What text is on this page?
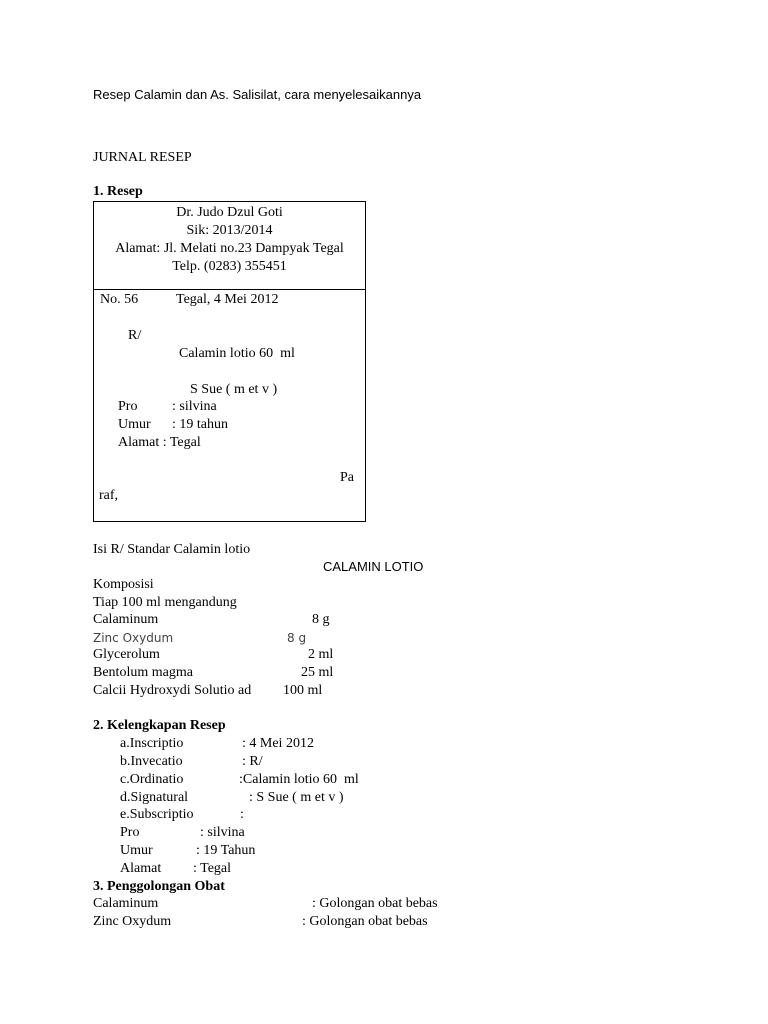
Resep Calamin dan As. Salisilat, cara menyelesaikannya
JURNAL RESEP
1. Resep
Dr. Judo Dzul Goti
Sik: 2013/2014
Alamat: Jl. Melati no.23 Dampyak Tegal
Telp. (0283) 355451
No. 56	Tegal, 4 Mei 2012
R/
Calamin lotio 60  ml
S Sue ( m et v )
Pro : silvina
Umur : 19 tahun
Alamat : Tegal
Pa
raf,
Isi R/ Standar Calamin lotio
CALAMIN LOTIO
Komposisi
Tiap 100 ml mengandung
Calaminum	8 g
Zinc Oxydum	8 g
Glycerolum	2 ml
Bentolum magma	25 ml
Calcii Hydroxydi Solutio ad 100 ml
2. Kelengkapan Resep
a.Inscriptio	: 4 Mei 2012
b.Invecatio	: R/
c.Ordinatio	:Calamin lotio 60  ml
d.Signatural	: S Sue ( m et v )
e.Subscriptio	:
Pro	: silvina
Umur	: 19 Tahun
Alamat : Tegal
3. Penggolongan Obat
Calaminum	: Golongan obat bebas
Zinc Oxydum	: Golongan obat bebas
